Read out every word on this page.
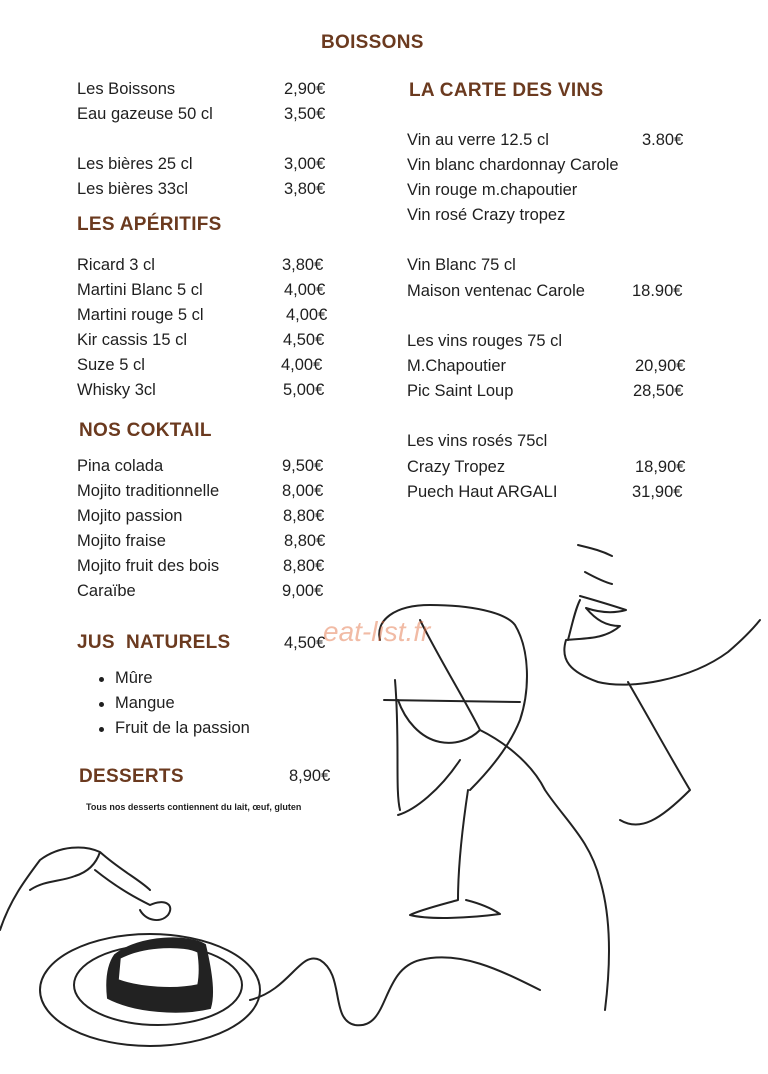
BOISSONS
Les Boissons	2,90€
Eau gazeuse 50 cl	3,50€
Les bières 25 cl	3,00€
Les bières 33cl	3,80€
LES APÉRITIFS
Ricard 3 cl	3,80€
Martini Blanc 5 cl	4,00€
Martini rouge 5 cl	4,00€
Kir cassis 15 cl	4,50€
Suze 5 cl	4,00€
Whisky 3cl	5,00€
NOS COKTAIL
Pina colada	9,50€
Mojito traditionnelle	8,00€
Mojito passion	8,80€
Mojito fraise	8,80€
Mojito fruit des bois	8,80€
Caraïbe	9,00€
JUS  NATURELS	4,50€
Mûre
Mangue
Fruit de la passion
DESSERTS	8,90€
Tous nos desserts contiennent du lait, œuf, gluten
LA CARTE DES VINS
Vin au verre 12.5 cl	3.80€
Vin blanc chardonnay Carole
Vin rouge m.chapoutier
Vin rosé Crazy tropez
Vin Blanc 75 cl
Maison ventenac Carole	18.90€
Les vins rouges 75 cl
M.Chapoutier	20,90€
Pic Saint Loup	28,50€
Les vins rosés 75cl
Crazy Tropez	18,90€
Puech Haut ARGALI	31,90€
eat-list.fr
